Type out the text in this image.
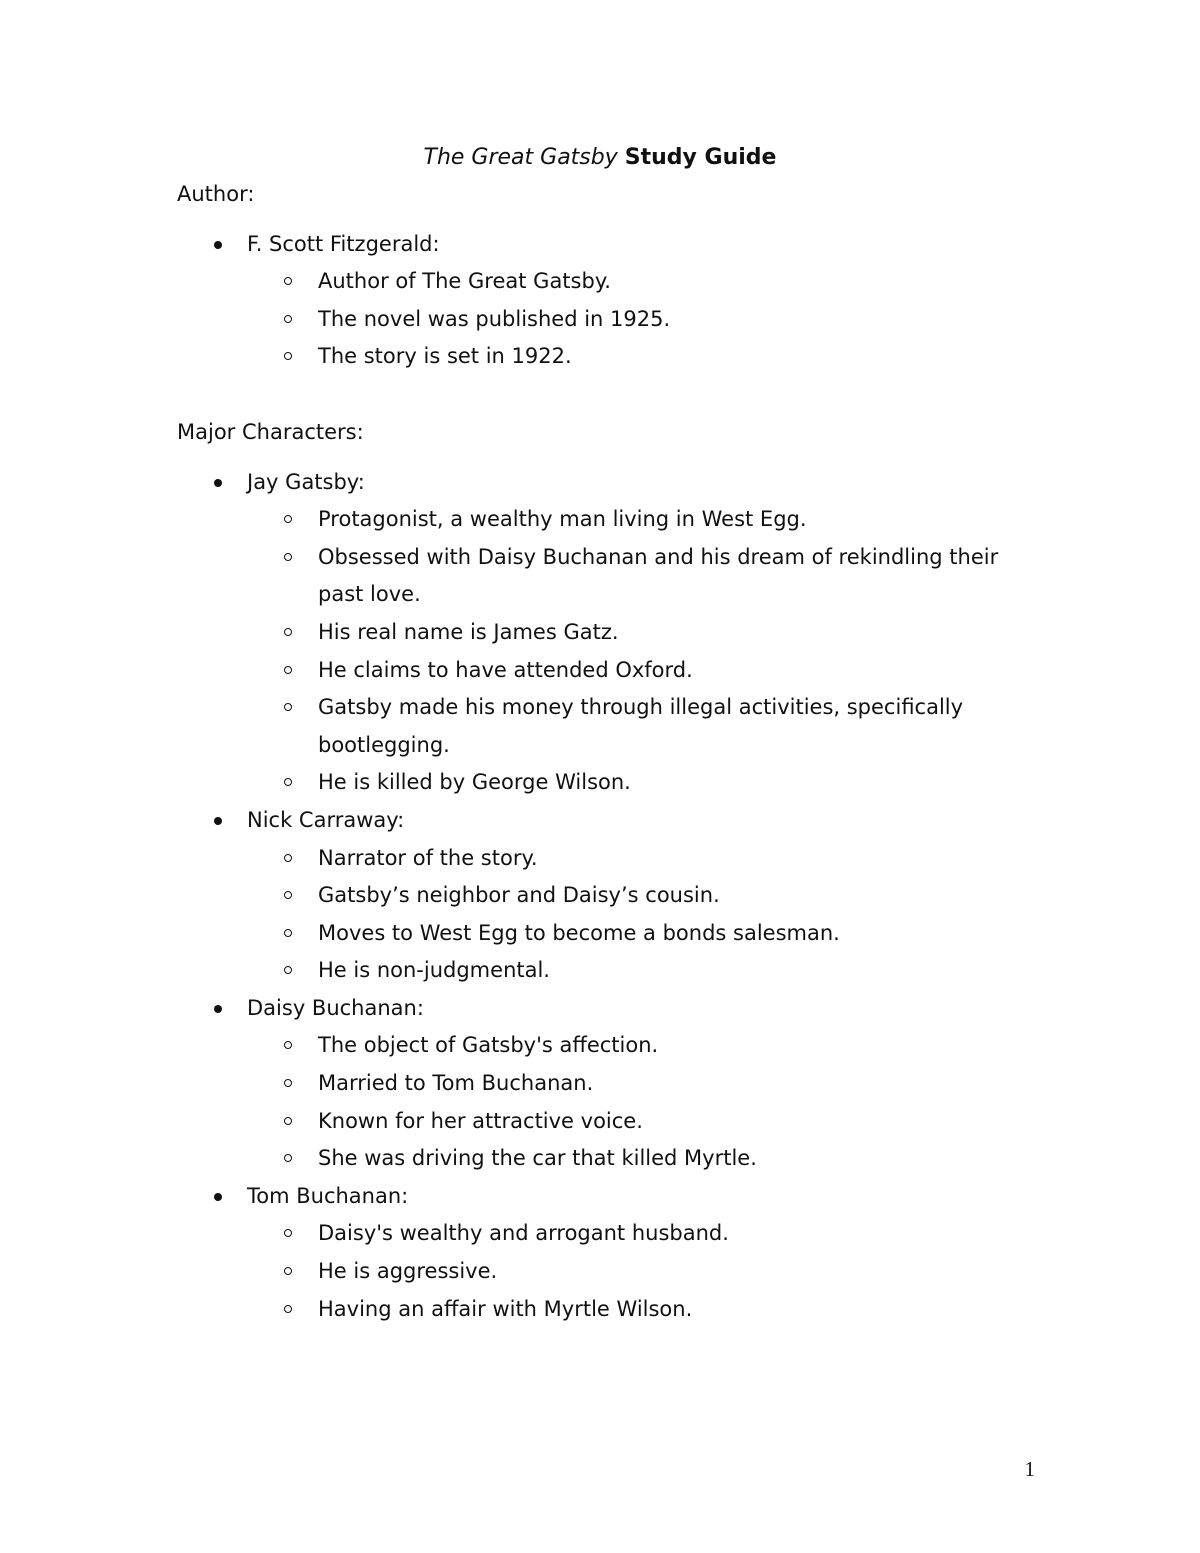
The Great Gatsby Study Guide
Author:
F. Scott Fitzgerald:
Author of The Great Gatsby.
The novel was published in 1925.
The story is set in 1922.
Major Characters:
Jay Gatsby:
Protagonist, a wealthy man living in West Egg.
Obsessed with Daisy Buchanan and his dream of rekindling their past love.
His real name is James Gatz.
He claims to have attended Oxford.
Gatsby made his money through illegal activities, specifically bootlegging.
He is killed by George Wilson.
Nick Carraway:
Narrator of the story.
Gatsby’s neighbor and Daisy’s cousin.
Moves to West Egg to become a bonds salesman.
He is non-judgmental.
Daisy Buchanan:
The object of Gatsby's affection.
Married to Tom Buchanan.
Known for her attractive voice.
She was driving the car that killed Myrtle.
Tom Buchanan:
Daisy's wealthy and arrogant husband.
He is aggressive.
Having an affair with Myrtle Wilson.
1
